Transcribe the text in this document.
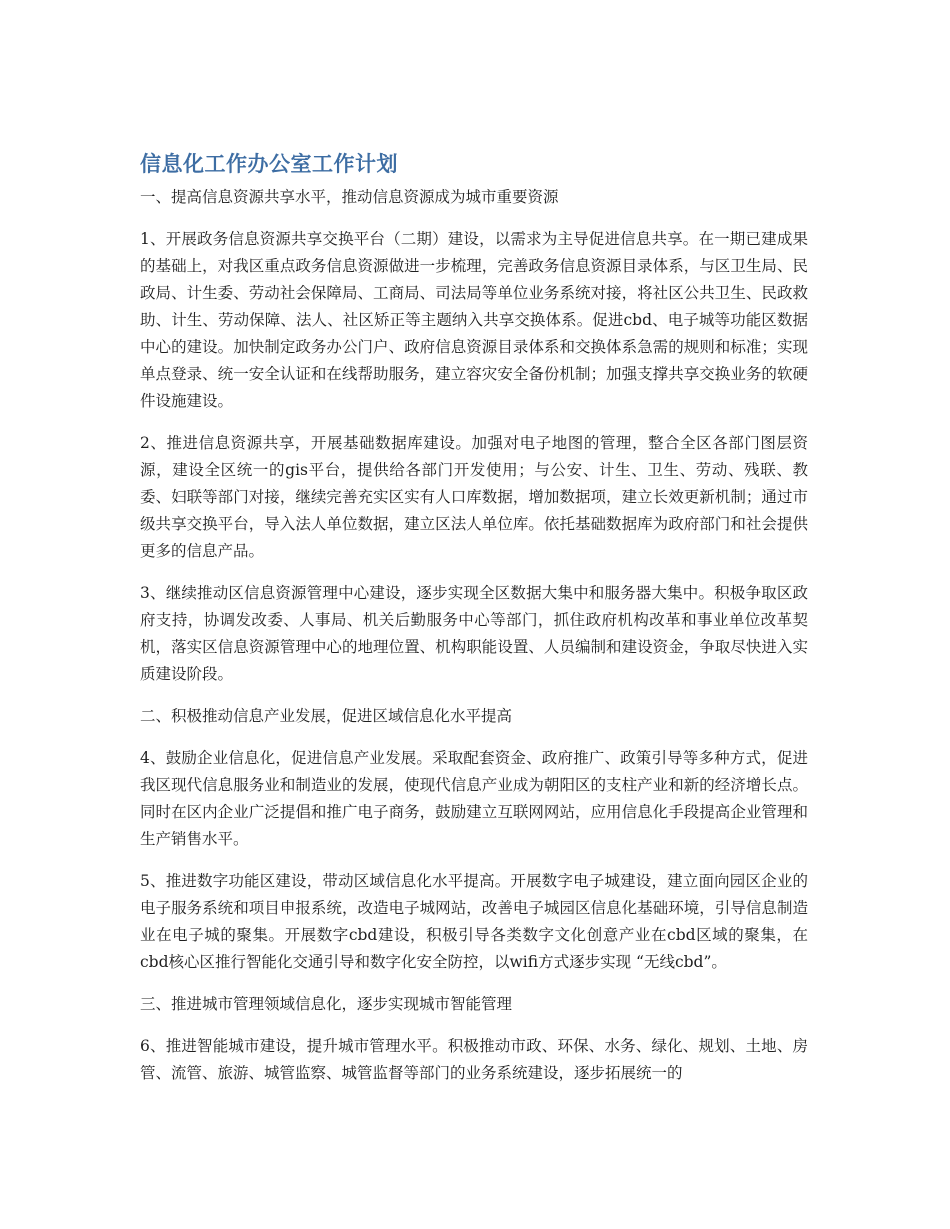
信息化工作办公室工作计划

一、提高信息资源共享水平，推动信息资源成为城市重要资源

1、开展政务信息资源共享交换平台（二期）建设，以需求为主导促进信息共享。在一期已建成果的基础上，对我区重点政务信息资源做进一步梳理，完善政务信息资源目录体系，与区卫生局、民政局、计生委、劳动社会保障局、工商局、司法局等单位业务系统对接，将社区公共卫生、民政救助、计生、劳动保障、法人、社区矫正等主题纳入共享交换体系。促进cbd、电子城等功能区数据中心的建设。加快制定政务办公门户、政府信息资源目录体系和交换体系急需的规则和标准；实现单点登录、统一安全认证和在线帮助服务，建立容灾安全备份机制；加强支撑共享交换业务的软硬件设施建设。

2、推进信息资源共享，开展基础数据库建设。加强对电子地图的管理，整合全区各部门图层资源，建设全区统一的gis平台，提供给各部门开发使用；与公安、计生、卫生、劳动、残联、教委、妇联等部门对接，继续完善充实区实有人口库数据，增加数据项，建立长效更新机制；通过市级共享交换平台，导入法人单位数据，建立区法人单位库。依托基础数据库为政府部门和社会提供更多的信息产品。

3、继续推动区信息资源管理中心建设，逐步实现全区数据大集中和服务器大集中。积极争取区政府支持，协调发改委、人事局、机关后勤服务中心等部门，抓住政府机构改革和事业单位改革契机，落实区信息资源管理中心的地理位置、机构职能设置、人员编制和建设资金，争取尽快进入实质建设阶段。

二、积极推动信息产业发展，促进区域信息化水平提高

4、鼓励企业信息化，促进信息产业发展。采取配套资金、政府推广、政策引导等多种方式，促进我区现代信息服务业和制造业的发展，使现代信息产业成为朝阳区的支柱产业和新的经济增长点。同时在区内企业广泛提倡和推广电子商务，鼓励建立互联网网站，应用信息化手段提高企业管理和生产销售水平。

5、推进数字功能区建设，带动区域信息化水平提高。开展数字电子城建设，建立面向园区企业的电子服务系统和项目申报系统，改造电子城网站，改善电子城园区信息化基础环境，引导信息制造业在电子城的聚集。开展数字cbd建设，积极引导各类数字文化创意产业在cbd区域的聚集，在cbd核心区推行智能化交通引导和数字化安全防控，以wifi方式逐步实现 “无线cbd”。

三、推进城市管理领域信息化，逐步实现城市智能管理

6、推进智能城市建设，提升城市管理水平。积极推动市政、环保、水务、绿化、规划、土地、房管、流管、旅游、城管监察、城管监督等部门的业务系统建设，逐步拓展统一的
